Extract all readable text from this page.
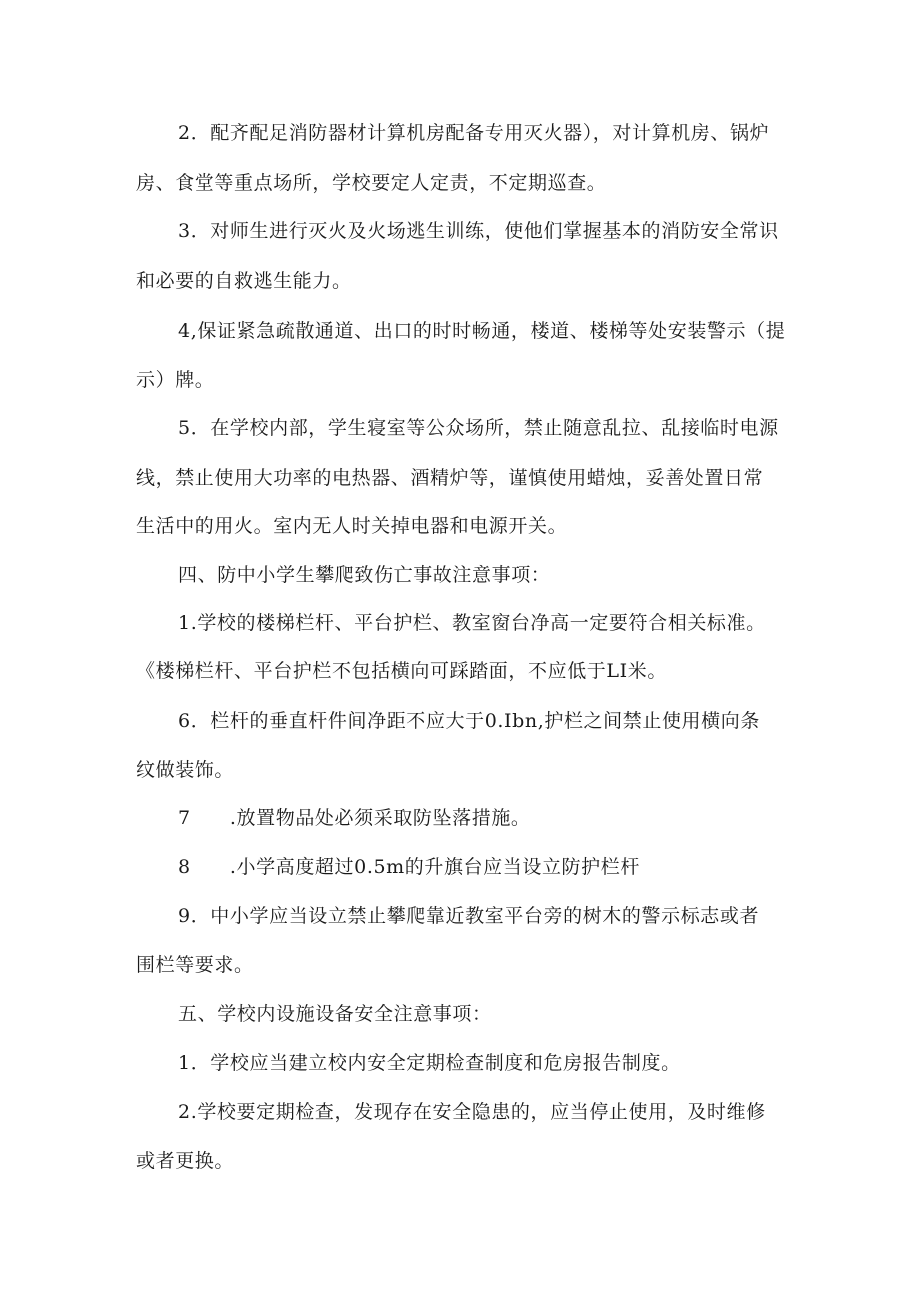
2．配齐配足消防器材计算机房配备专用灭火器），对计算机房、锅炉
房、食堂等重点场所，学校要定人定责，不定期巡查。
3．对师生进行灭火及火场逃生训练，使他们掌握基本的消防安全常识
和必要的自救逃生能力。
4,保证紧急疏散通道、出口的时时畅通，楼道、楼梯等处安装警示（提
示）牌。
5．在学校内部，学生寝室等公众场所，禁止随意乱拉、乱接临时电源
线，禁止使用大功率的电热器、酒精炉等，谨慎使用蜡烛，妥善处置日常
生活中的用火。室内无人时关掉电器和电源开关。
四、防中小学生攀爬致伤亡事故注意事项：
1.学校的楼梯栏杆、平台护栏、教室窗台净高一定要符合相关标准。
《楼梯栏杆、平台护栏不包括横向可踩踏面，不应低于LI米。
6．栏杆的垂直杆件间净距不应大于0.Ibn,护栏之间禁止使用横向条
纹做装饰。
7　　.放置物品处必须采取防坠落措施。
8　　.小学高度超过0.5m的升旗台应当设立防护栏杆
9．中小学应当设立禁止攀爬靠近教室平台旁的树木的警示标志或者
围栏等要求。
五、学校内设施设备安全注意事项：
1．学校应当建立校内安全定期检查制度和危房报告制度。
2.学校要定期检查，发现存在安全隐患的，应当停止使用，及时维修
或者更换。
